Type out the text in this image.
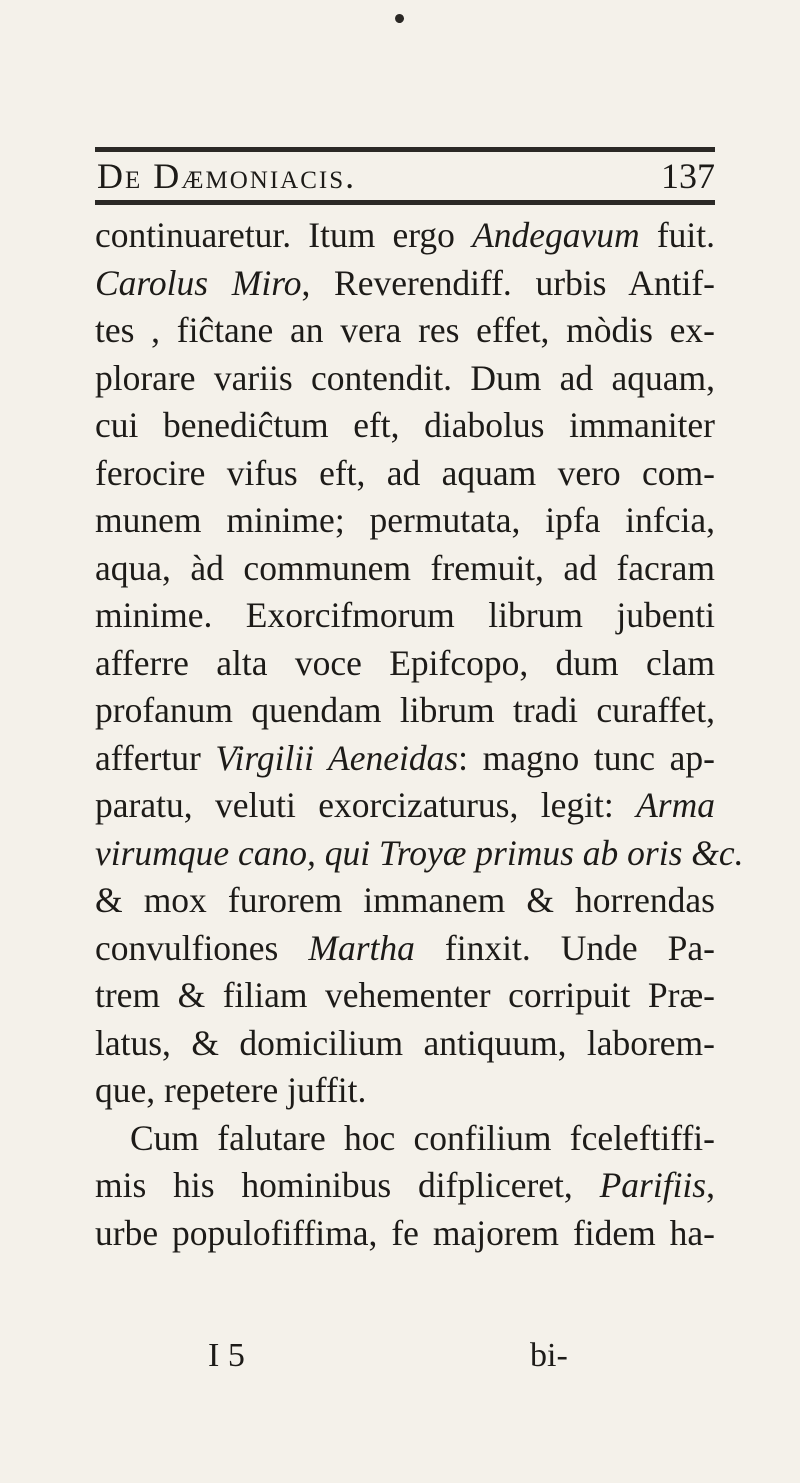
De Dæmoniacis.	137
continuaretur. Itum ergo Andegavum fuit.
Carolus Miro, Reverendiff. urbis Antif-
tes , fiĉtane an vera res effet, mòdis ex-
plorare variis contendit. Dum ad aquam,
cui benediĉtum eft, diabolus immaniter
ferocire vifus eft, ad aquam vero com-
munem minime; permutata, ipfa infcia,
aqua, àd communem fremuit, ad facram
minime. Exorcifmorum librum jubenti
afferre alta voce Epifcopo, dum clam
profanum quendam librum tradi curaffet,
affertur Virgilii Aeneidas: magno tunc ap-
paratu, veluti exorcizaturus, legit: Arma
virumque cano, qui Troyæ primus ab oris &c.
& mox furorem immanem & horrendas
convulfiones Martha finxit. Unde Pa-
trem & filiam vehementer corripuit Præ-
latus, & domicilium antiquum, laborem-
que, repetere juffit.
Cum falutare hoc confilium fceleftiffi-
mis his hominibus difpliceret, Parifiis,
urbe populofiffima, fe majorem fidem ha-
I 5	bi-
